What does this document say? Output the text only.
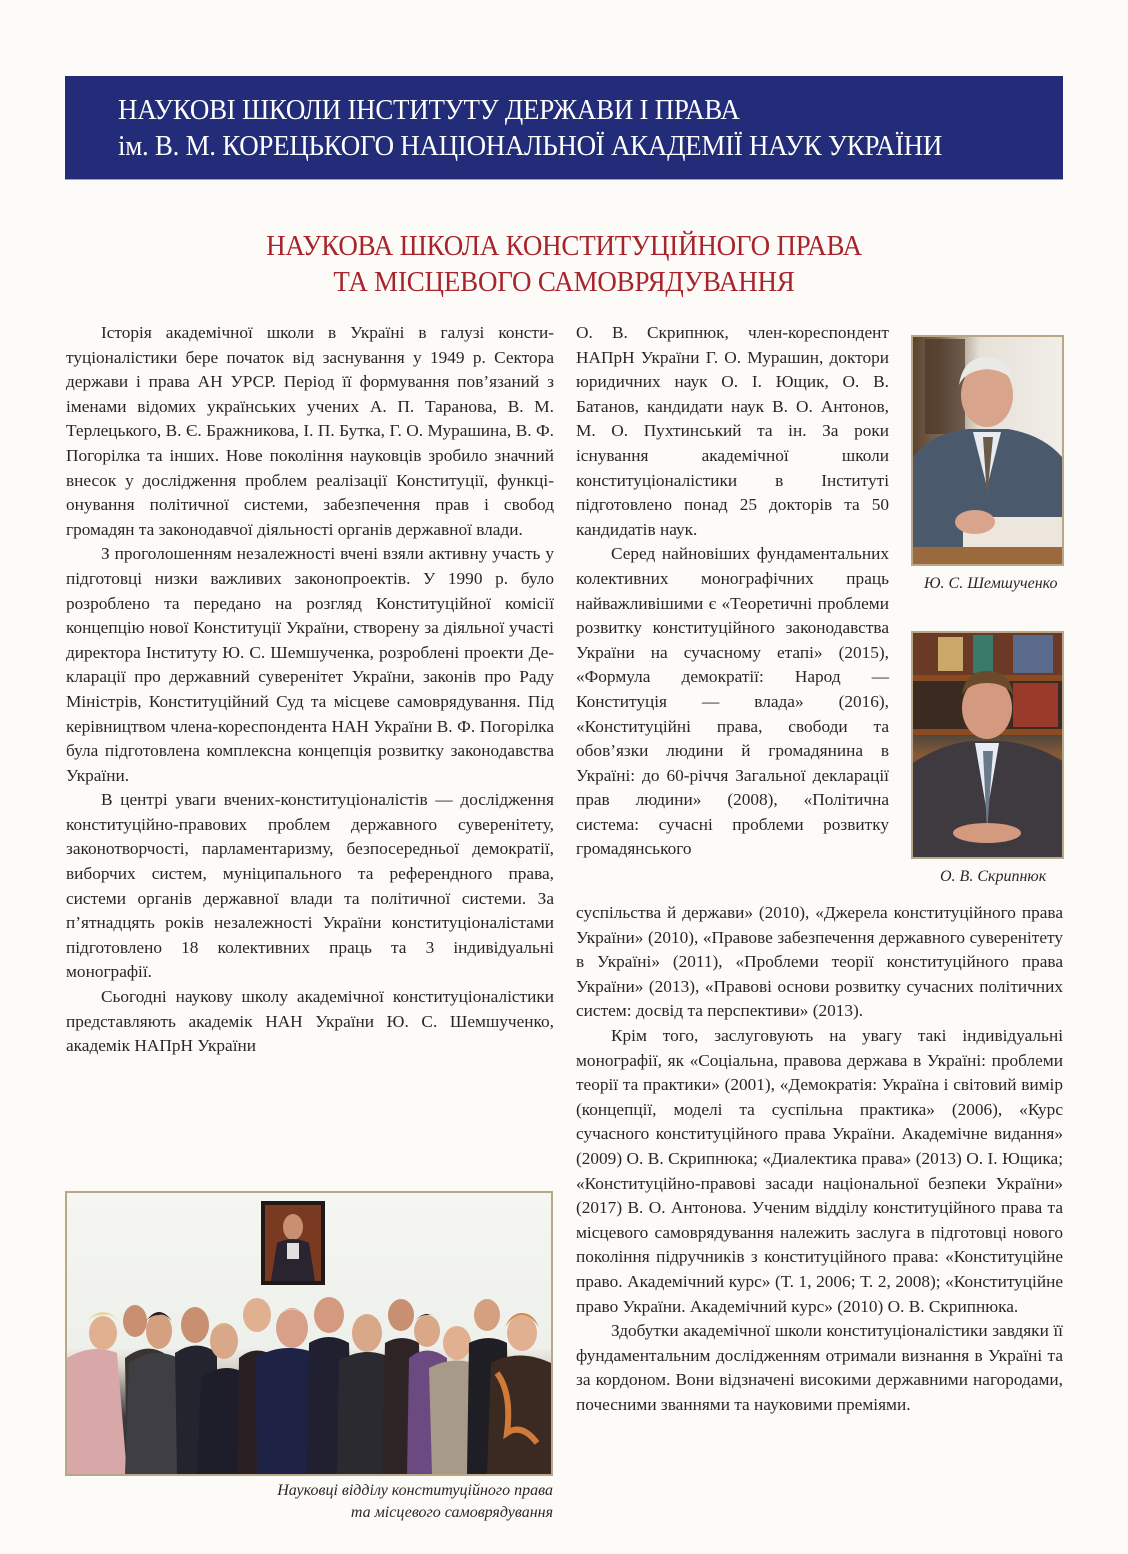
НАУКОВІ ШКОЛИ ІНСТИТУТУ ДЕРЖАВИ І ПРАВА
ім. В. М. КОРЕЦЬКОГО НАЦІОНАЛЬНОЇ АКАДЕМІЇ НАУК УКРАЇНИ
НАУКОВА ШКОЛА КОНСТИТУЦІЙНОГО ПРАВА
ТА МІСЦЕВОГО САМОВРЯДУВАННЯ

Історія академічної школи в Україні в галузі конституціоналістики бере початок від заснування у 1949 р. Сектора держави і права АН УРСР. Період її формування пов’язаний з іменами відомих українських учених А. П. Таранова, В. М. Терлецького, В. Є. Бражникова, І. П. Бутка, Г. О. Мурашина, В. Ф. Погорілка та інших. Нове покоління науковців зробило значний внесок у дослідження проблем реалізації Конституції, функціонування політичної системи, забезпечення прав і свобод громадян та законодавчої діяльності органів державної влади.

З проголошенням незалежності вчені взяли активну участь у підготовці низки важливих законопроектів. У 1990 р. було розроблено та передано на розгляд Конституційної комісії концепцію нової Конституції України, створену за діяльної участі директора Інституту Ю. С. Шемшученка, розроблені проекти Декларації про державний суверенітет України, законів про Раду Міністрів, Конституційний Суд та місцеве самоврядування. Під керівництвом члена-кореспондента НАН України В. Ф. Погорілка була підготовлена комплексна концепція розвитку законодавства України.

В центрі уваги вчених-конституціоналістів — дослідження конституційно-правових проблем державного суверенітету, законотворчості, парламентаризму, безпосередньої демократії, виборчих систем, муніципального та референдного права, системи органів державної влади та політичної системи. За п’ятнадцять років незалежності України конституціоналістами підготовлено 18 колективних праць та 3 індивідуальні монографії.

Сьогодні наукову школу академічної конституціоналістики представляють академік НАН України Ю. С. Шемшученко, академік НАПрН України

О. В. Скрипнюк, член-кореспондент НАПрН України Г. О. Мурашин, доктори юридичних наук О. І. Ющик, О. В. Батанов, кандидати наук В. О. Антонов, М. О. Пухтинський та ін. За роки існування академічної школи конституціоналістики в Інституті підготовлено понад 25 докторів та 50 кандидатів наук.

Серед найновіших фундаментальних колективних монографічних праць найважливішими є «Теоретичні проблеми розвитку конституційного законодавства України на сучасному етапі» (2015), «Формула демократії: Народ — Конституція — влада» (2016), «Конституційні права, свободи та обов’язки людини й громадянина в Україні: до 60-річчя Загальної декларації прав людини» (2008), «Політична система: сучасні проблеми розвитку громадянського

суспільства й держави» (2010), «Джерела конституційного права України» (2010), «Правове забезпечення державного суверенітету в Україні» (2011), «Проблеми теорії конституційного права України» (2013), «Правові основи розвитку сучасних політичних систем: досвід та перспективи» (2013).

Крім того, заслуговують на увагу такі індивідуальні монографії, як «Соціальна, правова держава в Україні: проблеми теорії та практики» (2001), «Демократія: Україна і світовий вимір (концепції, моделі та суспільна практика» (2006), «Курс сучасного конституційного права України. Академічне видання» (2009) О. В. Скрипнюка; «Диалектика права» (2013) О. І. Ющика; «Конституційно-правові засади національної безпеки України» (2017) В. О. Антонова. Ученим відділу конституційного права та місцевого самоврядування належить заслуга в підготовці нового покоління підручників з конституційного права: «Конституційне право. Академічний курс» (Т. 1, 2006; Т. 2, 2008); «Конституційне право України. Академічний курс» (2010) О. В. Скрипнюка.

Здобутки академічної школи конституціоналістики завдяки її фундаментальним дослідженням отримали визнання в Україні та за кордоном. Вони відзначені високими державними нагородами, почесними званнями та науковими преміями.

Ю. С. Шемшученко
О. В. Скрипнюк
Науковці відділу конституційного права
та місцевого самоврядування
